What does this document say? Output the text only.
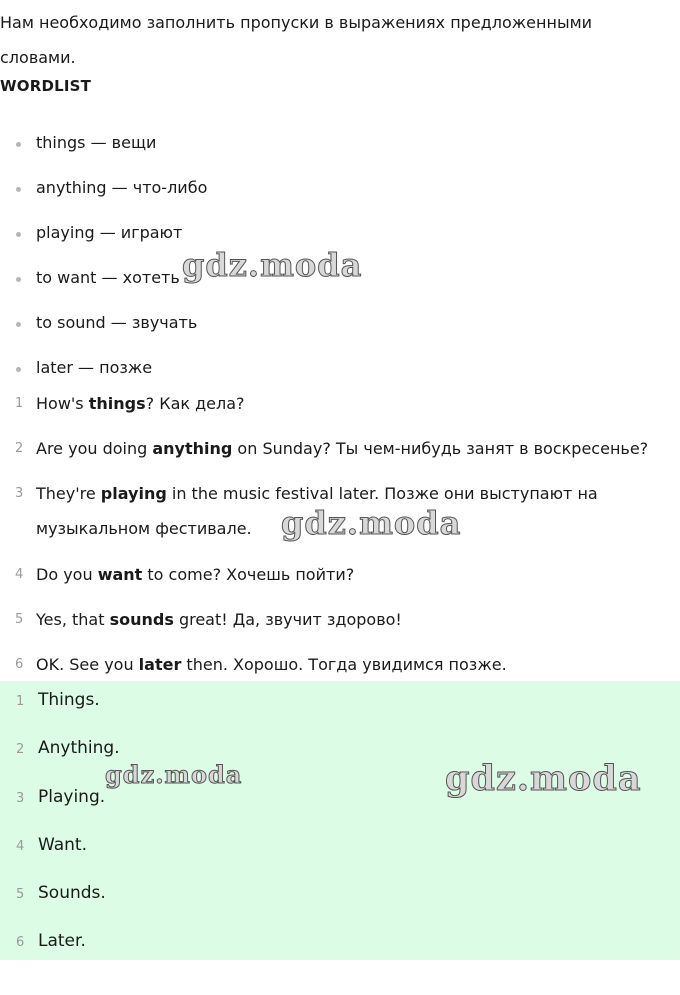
Нам необходимо заполнить пропуски в выражениях предложенными словами.

WORDLIST

things — вещи
anything — что-либо
playing — играют
to want — хотеть
to sound — звучать
later — позже
1 How's things? Как дела?
2 Are you doing anything on Sunday? Ты чем-нибудь занят в воскресенье?
3 They're playing in the music festival later. Позже они выступают на музыкальном фестивале.
4 Do you want to come? Хочешь пойти?
5 Yes, that sounds great! Да, звучит здорово!
6 OK. See you later then. Хорошо. Тогда увидимся позже.
1 Things.
2 Anything.
3 Playing.
4 Want.
5 Sounds.
6 Later.
gdz.moda
gdz.moda
gdz.moda	gdz.moda
